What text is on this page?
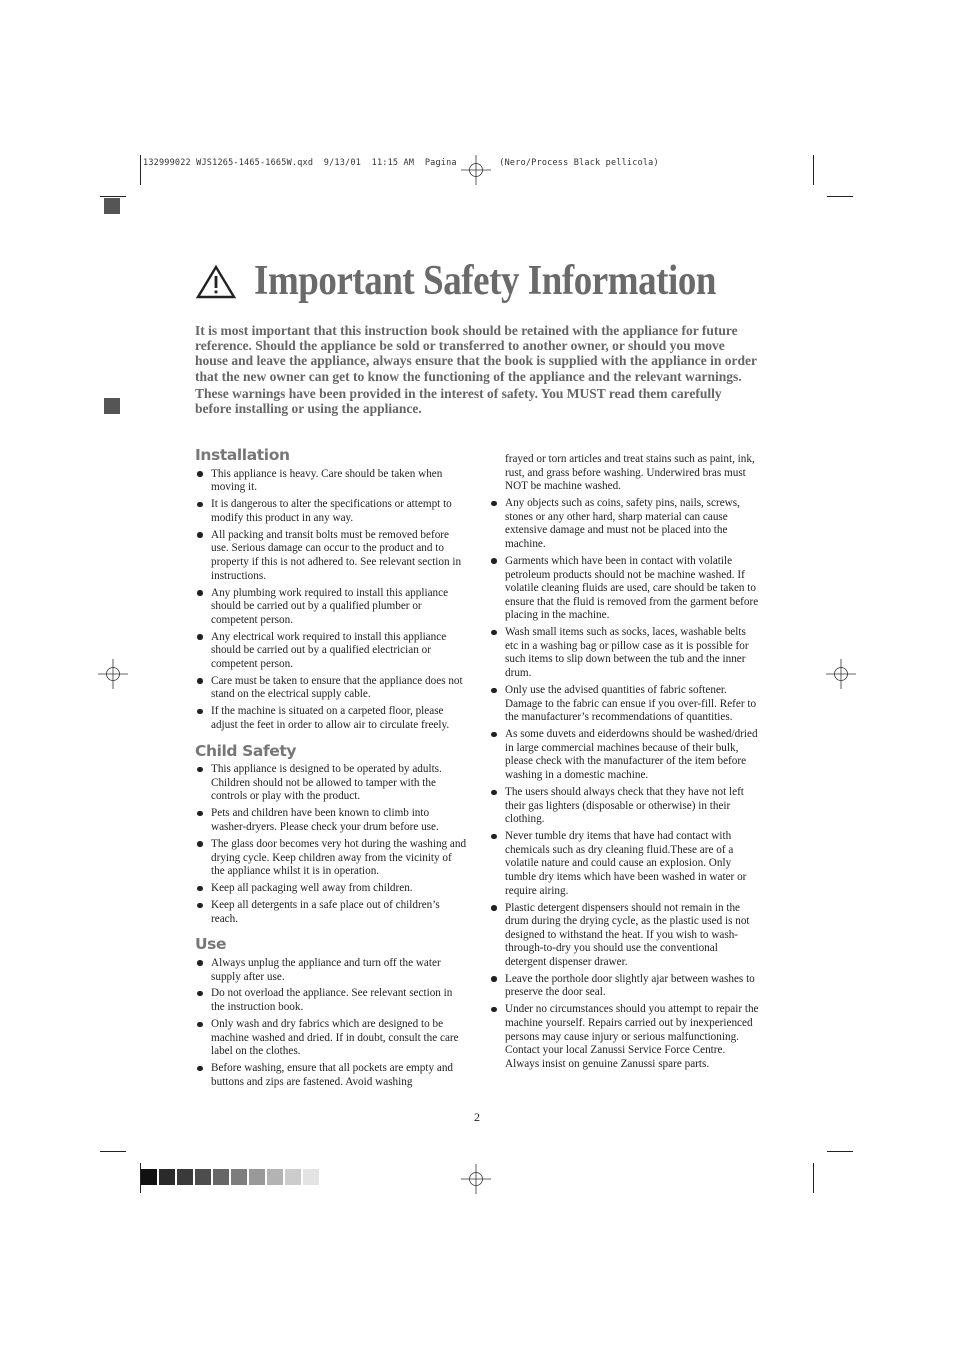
132999022 WJS1265-1465-1665W.qxd  9/13/01  11:15 AM  Pagina	(Nero/Process Black pellicola)
Important Safety Information

It is most important that this instruction book should be retained with the appliance for future reference. Should the appliance be sold or transferred to another owner, or should you move house and leave the appliance, always ensure that the book is supplied with the appliance in order that the new owner can get to know the functioning of the appliance and the relevant warnings.

These warnings have been provided in the interest of safety. You MUST read them carefully before installing or using the appliance.

Installation
This appliance is heavy. Care should be taken when moving it.
It is dangerous to alter the specifications or attempt to modify this product in any way.
All packing and transit bolts must be removed before use. Serious damage can occur to the product and to property if this is not adhered to. See relevant section in instructions.
Any plumbing work required to install this appliance should be carried out by a qualified plumber or competent person.
Any electrical work required to install this appliance should be carried out by a qualified electrician or competent person.
Care must be taken to ensure that the appliance does not stand on the electrical supply cable.
If the machine is situated on a carpeted floor, please adjust the feet in order to allow air to circulate freely.
Child Safety
This appliance is designed to be operated by adults. Children should not be allowed to tamper with the controls or play with the product.
Pets and children have been known to climb into washer-dryers. Please check your drum before use.
The glass door becomes very hot during the washing and drying cycle. Keep children away from the vicinity of the appliance whilst it is in operation.
Keep all packaging well away from children.
Keep all detergents in a safe place out of children’s reach.
Use
Always unplug the appliance and turn off the water supply after use.
Do not overload the appliance. See relevant section in the instruction book.
Only wash and dry fabrics which are designed to be machine washed and dried. If in doubt, consult the care label on the clothes.
Before washing, ensure that all pockets are empty and buttons and zips are fastened. Avoid washing
frayed or torn articles and treat stains such as paint, ink, rust, and grass before washing. Underwired bras must NOT be machine washed.
Any objects such as coins, safety pins, nails, screws, stones or any other hard, sharp material can cause extensive damage and must not be placed into the machine.
Garments which have been in contact with volatile petroleum products should not be machine washed. If volatile cleaning fluids are used, care should be taken to ensure that the fluid is removed from the garment before placing in the machine.
Wash small items such as socks, laces, washable belts etc in a washing bag or pillow case as it is possible for such items to slip down between the tub and the inner drum.
Only use the advised quantities of fabric softener. Damage to the fabric can ensue if you over-fill. Refer to the manufacturer’s recommendations of quantities.
As some duvets and eiderdowns should be washed/dried in large commercial machines because of their bulk, please check with the manufacturer of the item before washing in a domestic machine.
The users should always check that they have not left their gas lighters (disposable or otherwise) in their clothing.
Never tumble dry items that have had contact with chemicals such as dry cleaning fluid.These are of a volatile nature and could cause an explosion. Only tumble dry items which have been washed in water or require airing.
Plastic detergent dispensers should not remain in the drum during the drying cycle, as the plastic used is not designed to withstand the heat. If you wish to wash-through-to-dry you should use the conventional detergent dispenser drawer.
Leave the porthole door slightly ajar between washes to preserve the door seal.
Under no circumstances should you attempt to repair the machine yourself. Repairs carried out by inexperienced persons may cause injury or serious malfunctioning. Contact your local Zanussi Service Force Centre. Always insist on genuine Zanussi spare parts.
2
